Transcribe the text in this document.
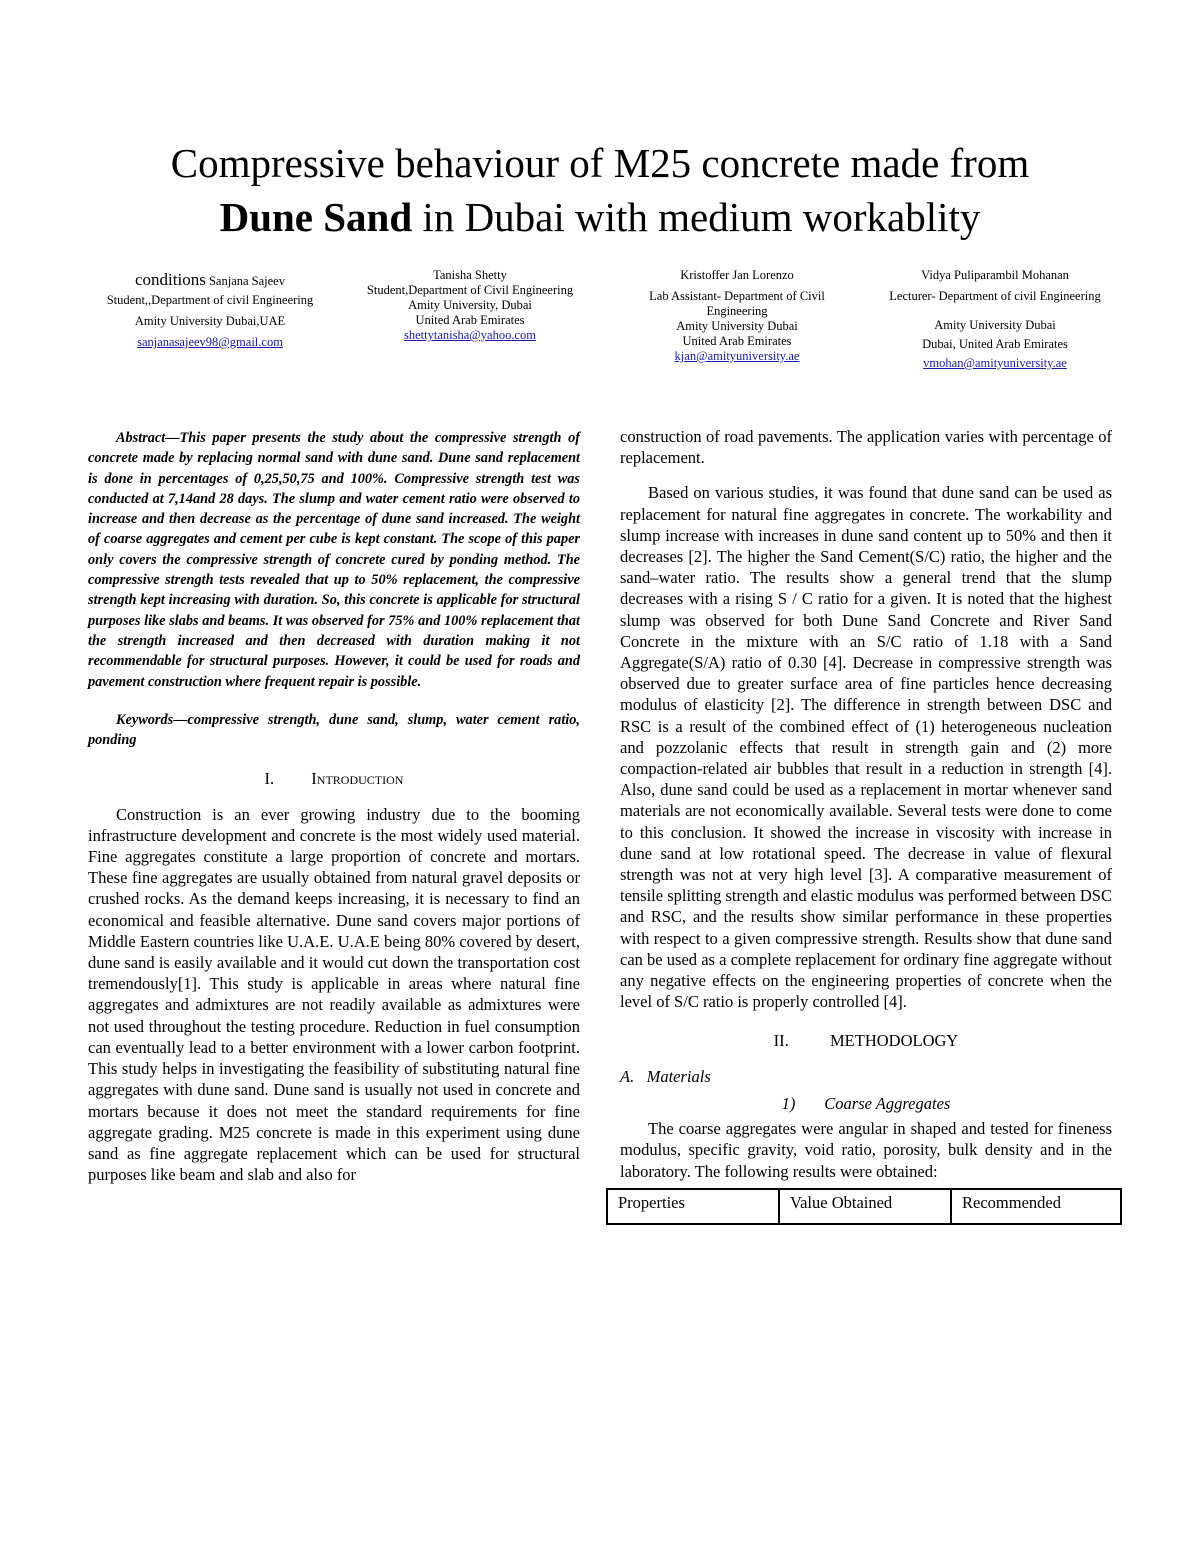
Compressive behaviour of M25 concrete made from
Dune Sand in Dubai with medium workablity
conditions Sanjana Sajeev
Student,,Department of civil Engineering
Amity University Dubai,UAE
sanjanasajeev98@gmail.com
Tanisha Shetty
Student,Department of Civil Engineering
Amity University, Dubai
United Arab Emirates
shettytanisha@yahoo.com
Kristoffer Jan Lorenzo
Lab Assistant- Department of Civil
Engineering
Amity University Dubai
United Arab Emirates
kjan@amityuniversity.ae
Vidya Puliparambil Mohanan
Lecturer- Department of civil Engineering
Amity University Dubai
Dubai, United Arab Emirates
vmohan@amityuniversity.ae

Abstract—This paper presents the study about the compressive strength of concrete made by replacing normal sand with dune sand. Dune sand replacement is done in percentages of 0,25,50,75 and 100%. Compressive strength test was conducted at 7,14and 28 days. The slump and water cement ratio were observed to increase and then decrease as the percentage of dune sand increased. The weight of coarse aggregates and cement per cube is kept constant. The scope of this paper only covers the compressive strength of concrete cured by ponding method. The compressive strength tests revealed that up to 50% replacement, the compressive strength kept increasing with duration. So, this concrete is applicable for structural purposes like slabs and beams. It was observed for 75% and 100% replacement that the strength increased and then decreased with duration making it not recommendable for structural purposes. However, it could be used for roads and pavement construction where frequent repair is possible.

Keywords—compressive strength, dune sand, slump, water cement ratio, ponding

I. Introduction

Construction is an ever growing industry due to the booming infrastructure development and concrete is the most widely used material. Fine aggregates constitute a large proportion of concrete and mortars. These fine aggregates are usually obtained from natural gravel deposits or crushed rocks. As the demand keeps increasing, it is necessary to find an economical and feasible alternative. Dune sand covers major portions of Middle Eastern countries like U.A.E. U.A.E being 80% covered by desert, dune sand is easily available and it would cut down the transportation cost tremendously[1]. This study is applicable in areas where natural fine aggregates and admixtures are not readily available as admixtures were not used throughout the testing procedure. Reduction in fuel consumption can eventually lead to a better environment with a lower carbon footprint. This study helps in investigating the feasibility of substituting natural fine aggregates with dune sand. Dune sand is usually not used in concrete and mortars because it does not meet the standard requirements for fine aggregate grading. M25 concrete is made in this experiment using dune sand as fine aggregate replacement which can be used for structural purposes like beam and slab and also for

construction of road pavements. The application varies with percentage of replacement.

Based on various studies, it was found that dune sand can be used as replacement for natural fine aggregates in concrete. The workability and slump increase with increases in dune sand content up to 50% and then it decreases [2]. The higher the Sand Cement(S/C) ratio, the higher and the sand–water ratio. The results show a general trend that the slump decreases with a rising S / C ratio for a given. It is noted that the highest slump was observed for both Dune Sand Concrete and River Sand Concrete in the mixture with an S/C ratio of 1.18 with a Sand Aggregate(S/A) ratio of 0.30 [4]. Decrease in compressive strength was observed due to greater surface area of fine particles hence decreasing modulus of elasticity [2]. The difference in strength between DSC and RSC is a result of the combined effect of (1) heterogeneous nucleation and pozzolanic effects that result in strength gain and (2) more compaction-related air bubbles that result in a reduction in strength [4]. Also, dune sand could be used as a replacement in mortar whenever sand materials are not economically available. Several tests were done to come to this conclusion. It showed the increase in viscosity with increase in dune sand at low rotational speed. The decrease in value of flexural strength was not at very high level [3]. A comparative measurement of tensile splitting strength and elastic modulus was performed between DSC and RSC, and the results show similar performance in these properties with respect to a given compressive strength. Results show that dune sand can be used as a complete replacement for ordinary fine aggregate without any negative effects on the engineering properties of concrete when the level of S/C ratio is properly controlled [4].

II.	METHODOLOGY
A. Materials
1) Coarse Aggregates

The coarse aggregates were angular in shaped and tested for fineness modulus, specific gravity, void ratio, porosity, bulk density and in the laboratory. The following results were obtained:

Properties	Value Obtained	Recommended
